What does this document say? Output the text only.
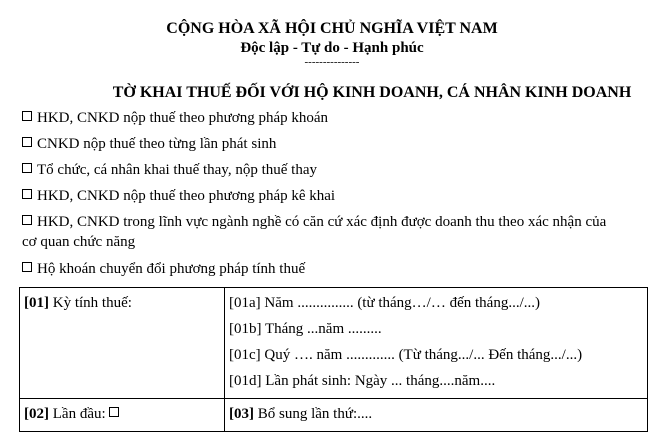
CỘNG HÒA XÃ HỘI CHỦ NGHĨA VIỆT NAM
Độc lập - Tự do - Hạnh phúc
---------------
TỜ KHAI THUẾ ĐỐI VỚI HỘ KINH DOANH, CÁ NHÂN KINH DOANH
HKD, CNKD nộp thuế theo phương pháp khoán
CNKD nộp thuế theo từng lần phát sinh
Tổ chức, cá nhân khai thuế thay, nộp thuế thay
HKD, CNKD nộp thuế theo phương pháp kê khai
HKD, CNKD trong lĩnh vực ngành nghề có căn cứ xác định được doanh thu theo xác nhận của
cơ quan chức năng
Hộ khoán chuyển đổi phương pháp tính thuế
[01] Kỳ tính thuế:	[01a] Năm ............... (từ tháng…/… đến tháng.../...)
[01b] Tháng ...năm .........
[01c] Quý …. năm ............. (Từ tháng.../... Đến tháng.../...)
[01d] Lần phát sinh: Ngày ... tháng....năm....

[02] Lần đầu:	[03] Bổ sung lần thứ:....
